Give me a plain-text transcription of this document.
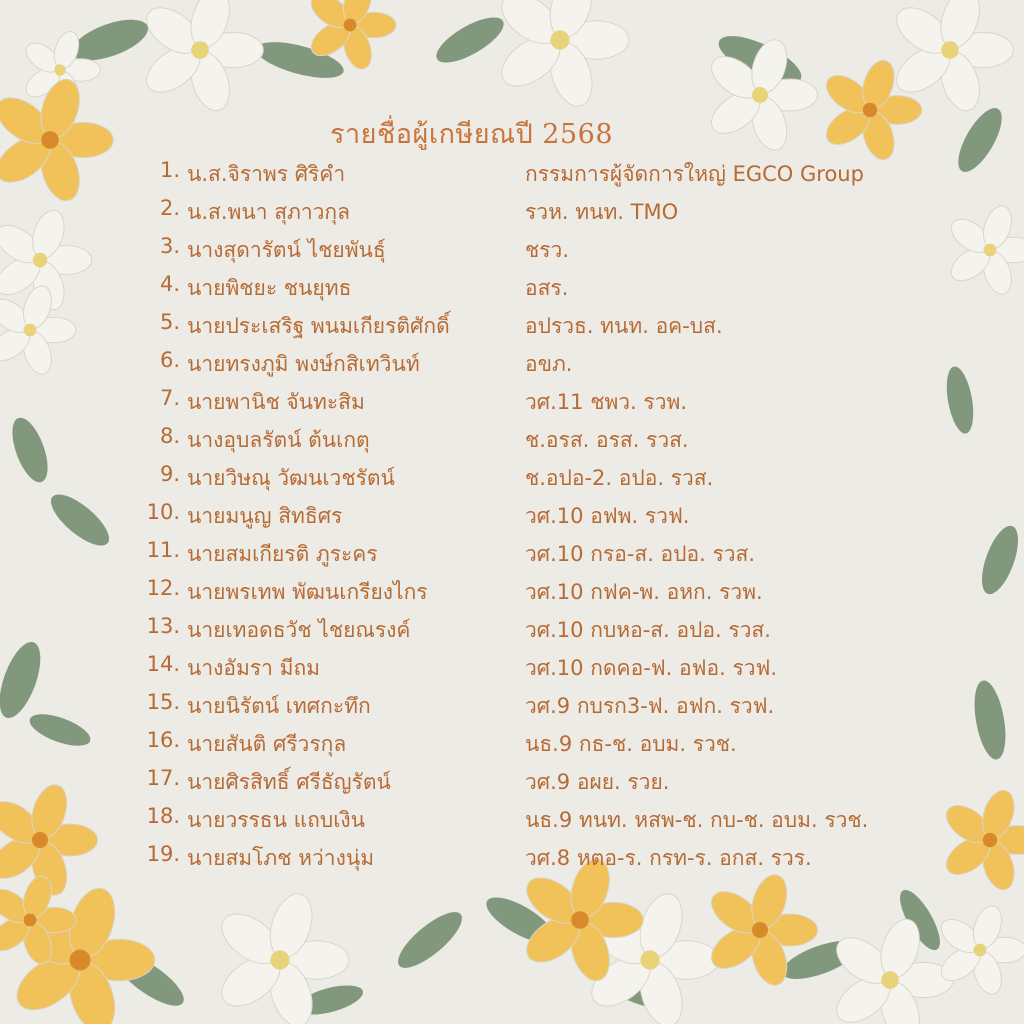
รายชื่อผู้เกษียณปี 2568
1. น.ส.จิราพร ศิริคำ	กรรมการผู้จัดการใหญ่ EGCO Group
2. น.ส.พนา สุภาวกุล	รวห. ทนท. TMO
3. นางสุดารัตน์ ไชยพันธุ์	ชรว.
4. นายพิชยะ ชนยุทธ	อสร.
5. นายประเสริฐ พนมเกียรติศักดิ์	อปรวธ. ทนท. อค-บส.
6. นายทรงภูมิ พงษ์กสิเทวินท์	อขภ.
7. นายพานิช จันทะสิม	วศ.11 ชพว. รวพ.
8. นางอุบลรัตน์ ต้นเกตุ	ช.อรส. อรส. รวส.
9. นายวิษณุ วัฒนเวชรัตน์	ช.อปอ-2. อปอ. รวส.
10. นายมนูญ สิทธิศร	วศ.10 อฟพ. รวฟ.
11. นายสมเกียรติ ภูระคร	วศ.10 กรอ-ส. อปอ. รวส.
12. นายพรเทพ พัฒนเกรียงไกร	วศ.10 กฟค-พ. อหก. รวพ.
13. นายเทอดธวัช ไชยณรงค์	วศ.10 กบหอ-ส. อปอ. รวส.
14. นางอัมรา มีถม	วศ.10 กดคอ-ฟ. อฟอ. รวฟ.
15. นายนิรัตน์ เทศกะทึก	วศ.9 กบรก3-ฟ. อฟก. รวฟ.
16. นายสันติ ศรีวรกุล	นธ.9 กธ-ช. อบม. รวช.
17. นายศิรสิทธิ์ ศรีธัญรัตน์	วศ.9 อผย. รวย.
18. นายวรรธน แถบเงิน	นธ.9 ทนท. หสพ-ช. กบ-ช. อบม. รวช.
19. นายสมโภช หว่างนุ่ม	วศ.8 หตอ-ร. กรท-ร. อกส. รวร.
